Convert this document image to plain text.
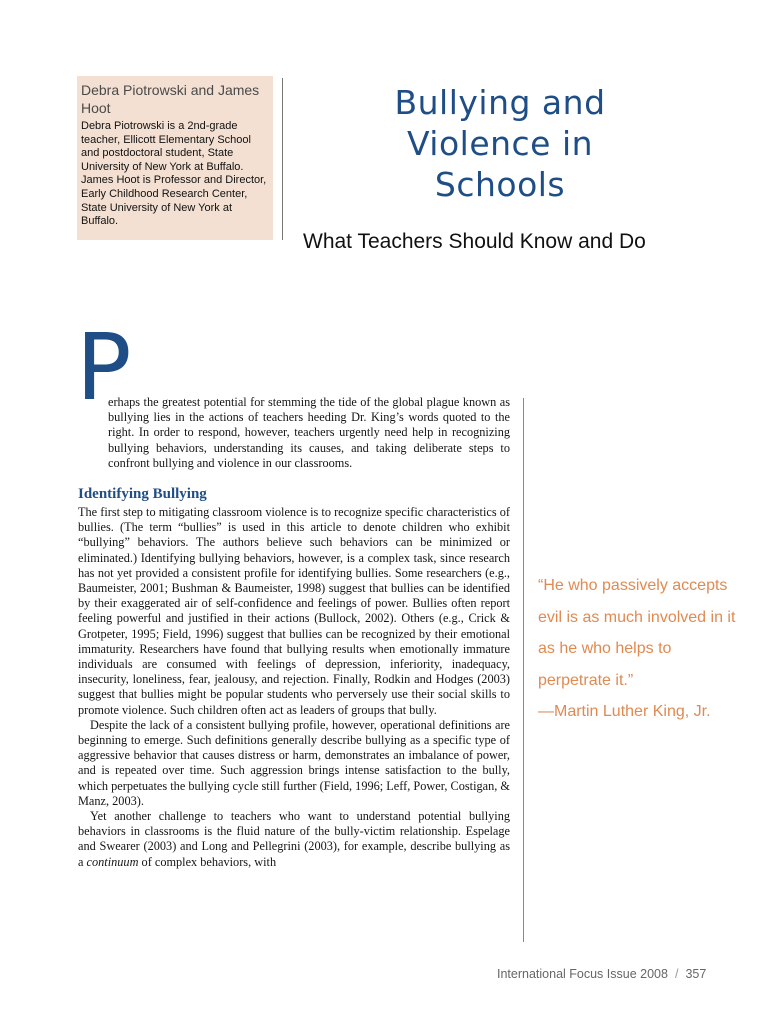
Debra Piotrowski and James Hoot

Debra Piotrowski is a 2nd-grade teacher, Ellicott Elementary School and postdoctoral student, State University of New York at Buffalo. James Hoot is Professor and Director, Early Childhood Research Center, State University of New York at Buffalo.

Bullying and
Violence in
Schools

What Teachers Should Know and Do

P

erhaps the greatest potential for stemming the tide of the global plague known as bullying lies in the actions of teachers heeding Dr. King’s words quoted to the right. In order to respond, however, teachers urgently need help in recognizing bullying behaviors, understanding its causes, and taking deliberate steps to confront bullying and violence in our classrooms.

Identifying Bullying

The first step to mitigating classroom violence is to recognize specific characteristics of bullies. (The term “bullies” is used in this article to denote children who exhibit “bullying” behaviors. The authors believe such behaviors can be minimized or eliminated.) Identifying bullying behaviors, however, is a complex task, since research has not yet provided a consistent profile for identifying bullies. Some researchers (e.g., Baumeister, 2001; Bushman & Baumeister, 1998) suggest that bullies can be identified by their exaggerated air of self-confidence and feelings of power. Bullies often report feeling powerful and justified in their actions (Bullock, 2002). Others (e.g., Crick & Grotpeter, 1995; Field, 1996) suggest that bullies can be recognized by their emotional immaturity. Researchers have found that bullying results when emotionally immature individuals are consumed with feelings of depression, inferiority, inadequacy, insecurity, loneliness, fear, jealousy, and rejection. Finally, Rodkin and Hodges (2003) suggest that bullies might be popular students who perversely use their social skills to promote violence. Such children often act as leaders of groups that bully.

Despite the lack of a consistent bullying profile, however, operational definitions are beginning to emerge. Such definitions generally describe bullying as a specific type of aggressive behavior that causes distress or harm, demonstrates an imbalance of power, and is repeated over time. Such aggression brings intense satisfaction to the bully, which perpetuates the bullying cycle still further (Field, 1996; Leff, Power, Costigan, & Manz, 2003).

Yet another challenge to teachers who want to understand potential bullying behaviors in classrooms is the fluid nature of the bully-victim relationship. Espelage and Swearer (2003) and Long and Pellegrini (2003), for example, describe bullying as a continuum of complex behaviors, with

“He who passively accepts evil is as much involved in it as he who helps to perpetrate it.”

—Martin Luther King, Jr.

International Focus Issue 2008 / 357
